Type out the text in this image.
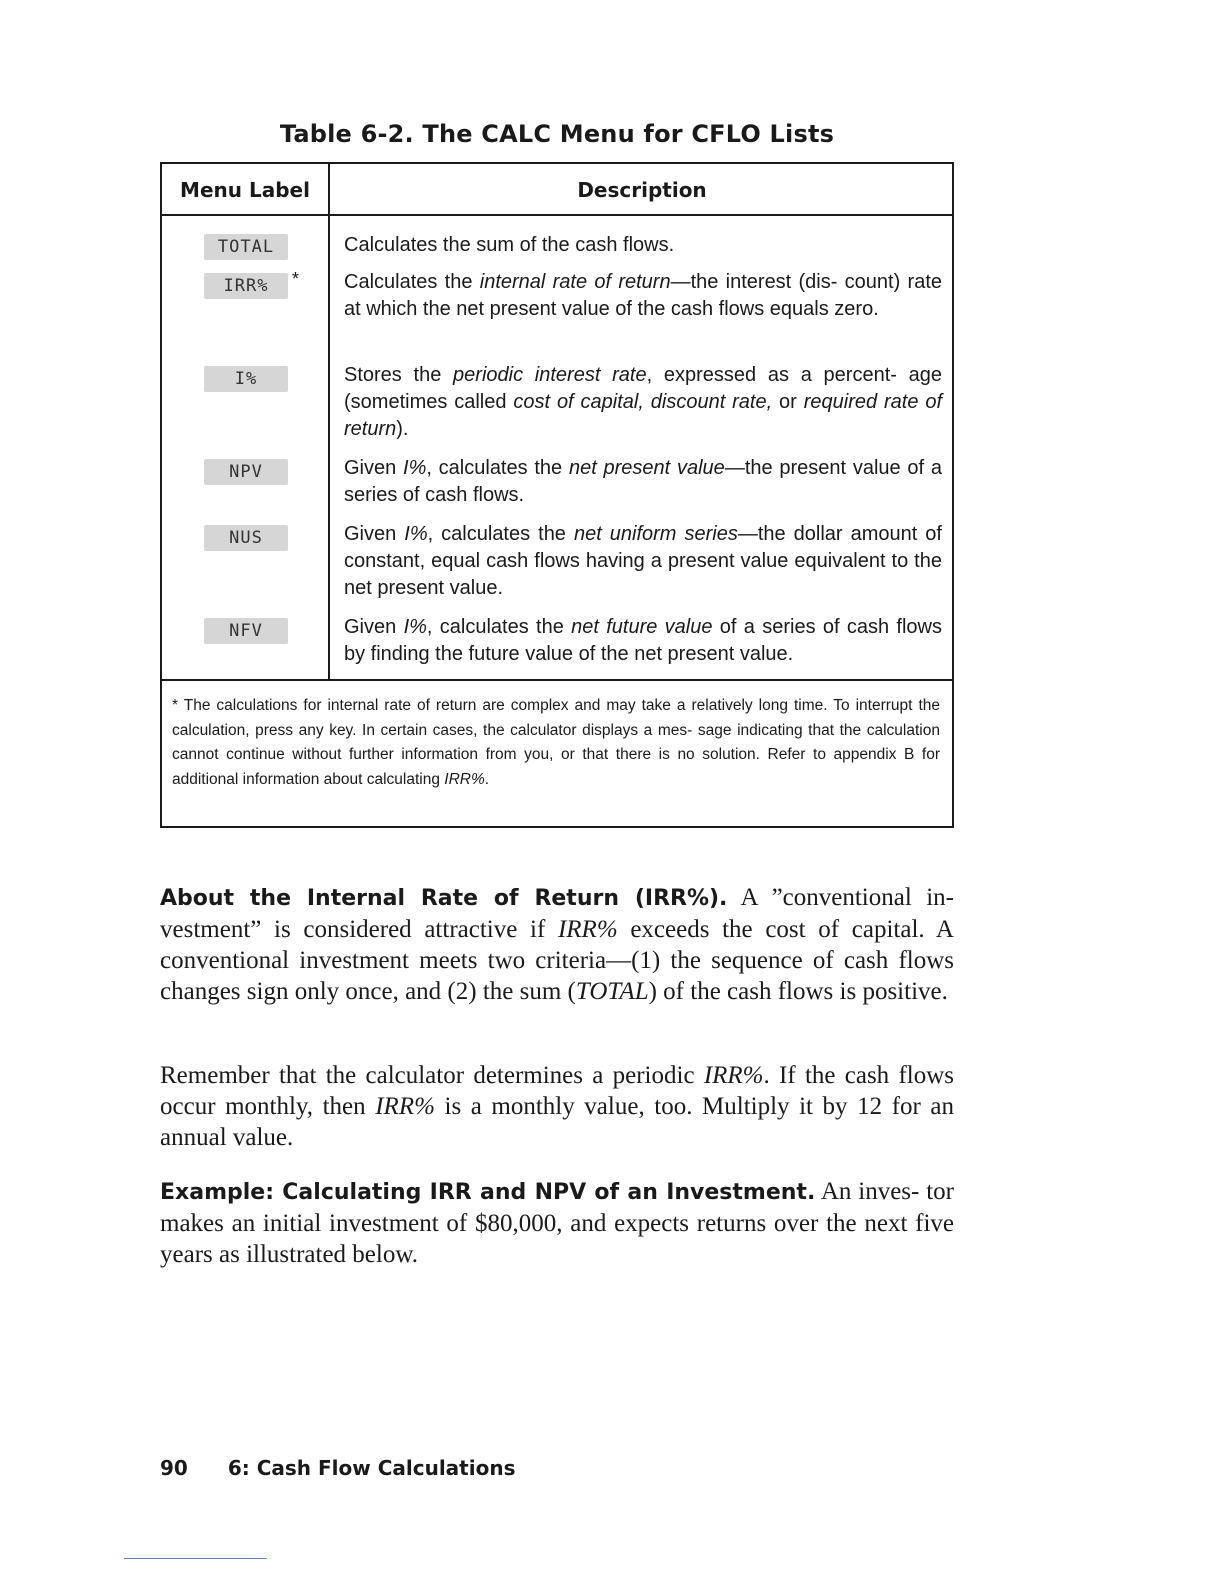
Table 6-2. The CALC Menu for CFLO Lists
Menu Label	Description
TOTAL	Calculates the sum of the cash flows.
IRR%	* Calculates the internal rate of return—the interest (dis- count) rate at which the net present value of the cash flows equals zero.
I%	Stores the periodic interest rate, expressed as a percent- age (sometimes called cost of capital, discount rate, or required rate of return).
NPV	Given I%, calculates the net present value—the present value of a series of cash flows.
NUS	Given I%, calculates the net uniform series—the dollar amount of constant, equal cash flows having a present value equivalent to the net present value.
NFV	Given I%, calculates the net future value of a series of cash flows by finding the future value of the net present value.
* The calculations for internal rate of return are complex and may take a relatively long time. To interrupt the calculation, press any key. In certain cases, the calculator displays a mes- sage indicating that the calculation cannot continue without further information from you, or that there is no solution. Refer to appendix B for additional information about calculating IRR%.
About the Internal Rate of Return (IRR%). A ”conventional in- vestment” is considered attractive if IRR% exceeds the cost of capital. A conventional investment meets two criteria—(1) the sequence of cash flows changes sign only once, and (2) the sum (TOTAL) of the cash flows is positive.
Remember that the calculator determines a periodic IRR%. If the cash flows occur monthly, then IRR% is a monthly value, too. Multiply it by 12 for an annual value.
Example: Calculating IRR and NPV of an Investment. An inves- tor makes an initial investment of $80,000, and expects returns over the next five years as illustrated below.
90 6: Cash Flow Calculations
